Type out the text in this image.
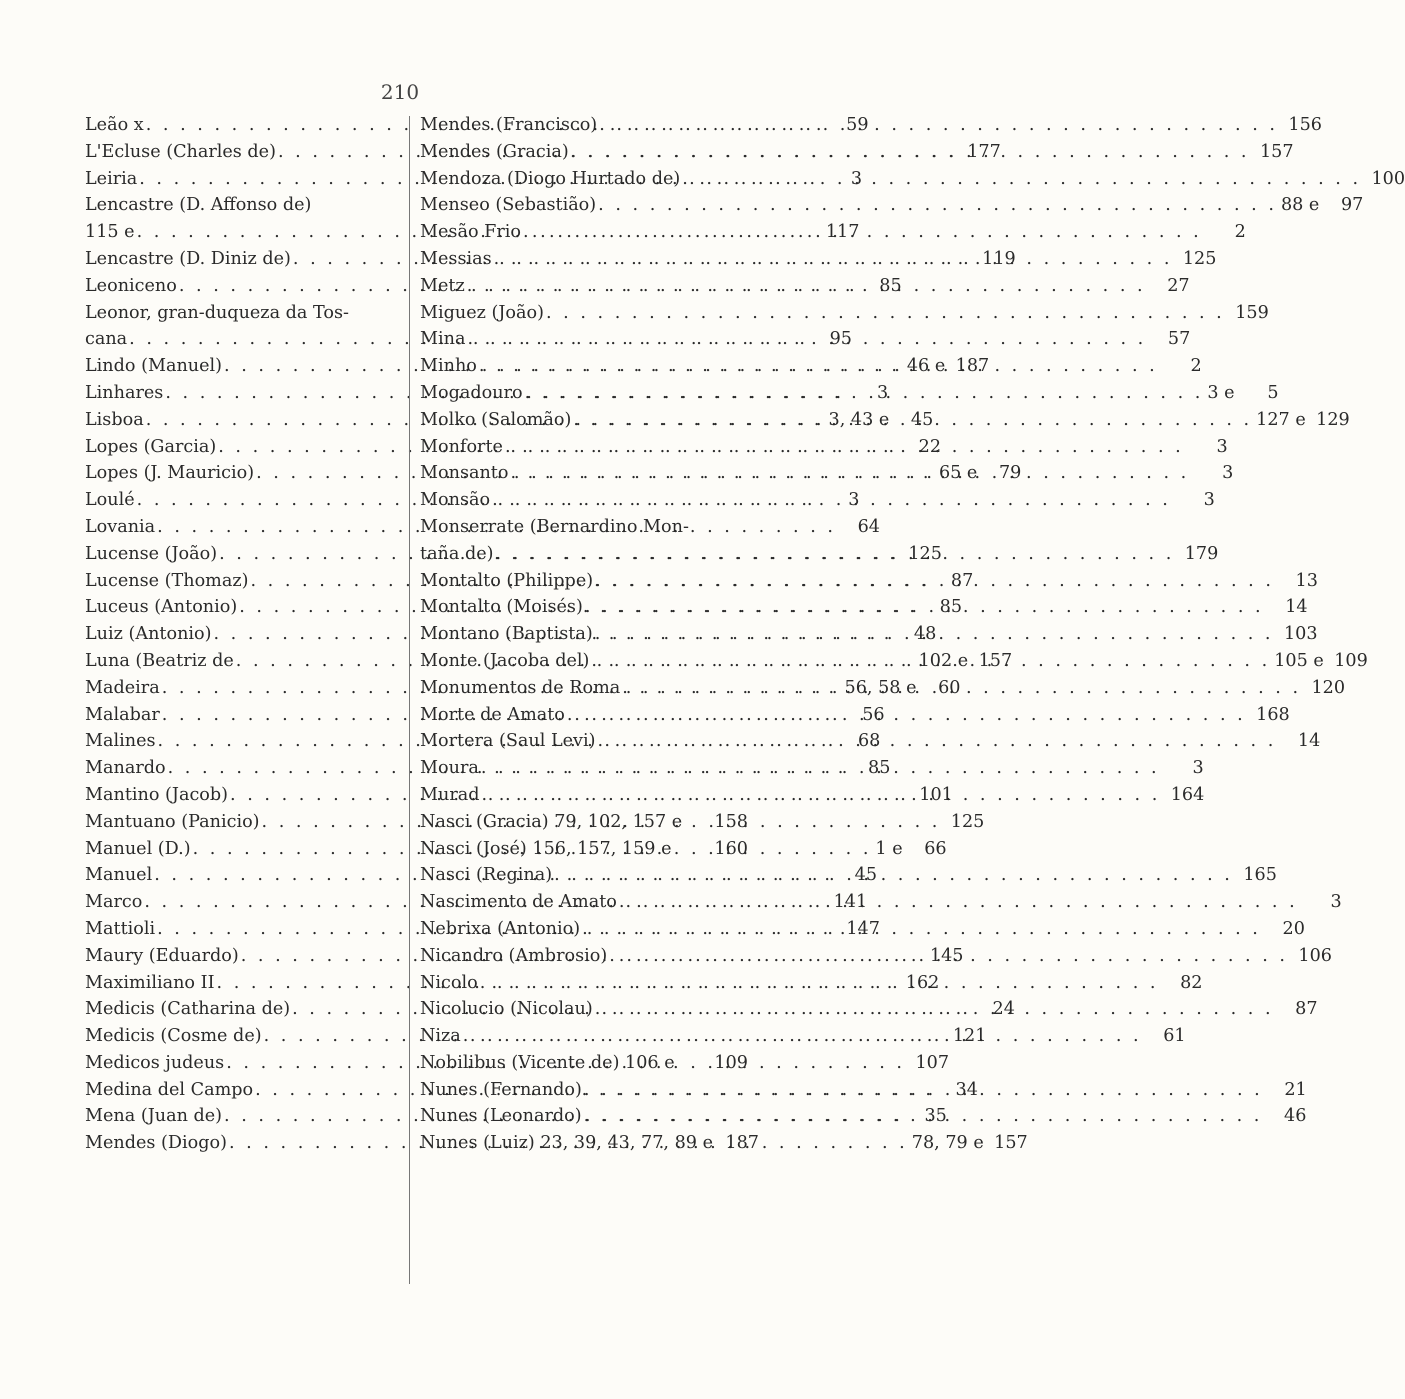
210
Leão x . . .	59
L'Ecluse (Charles de) . . .	177
Leiria . . .	3
Lencastre (D. Affonso de)
115 e . . .	117
Lencastre (D. Diniz de) . . .	119
Leoniceno . . .	85
Leonor, gran-duqueza da Tos-
cana . . .	95
Lindo (Manuel) . . .	46 e 187
Linhares . . .	3
Lisboa . . .	3, 43 e	45
Lopes (Garcia) . . .	22
Lopes (J. Mauricio) . . .	65 e	79
Loulé . . .	3
Lovania . . .	64
Lucense (João) . . .	125
Lucense (Thomaz) . . .	87
Luceus (Antonio) . . .	85
Luiz (Antonio) . . .	48
Luna (Beatriz de . . .	102 e 157
Madeira . . .	56, 58 e	60
Malabar . . .	56
Malines . . .	68
Manardo . . .	85
Mantino (Jacob) . . .	101
Mantuano (Panicio) . . .	125
Manuel (D.) . . .	1 e	66
Manuel . . .	45
Marco . . .	141
Mattioli . . .	147
Maury (Eduardo) . . .	145
Maximiliano II . . .	162
Medicis (Catharina de) . . .	24
Medicis (Cosme de) . . .	121
Medicos judeus . . .	107
Medina del Campo . . .	34
Mena (Juan de) . . .	35
Mendes (Diogo) . . .	78, 79 e 157
Mendes (Francisco) . . .	156
Mendes (Gracia) . . .	157
Mendoza (Diogo Hurtado de) . . .	100
Menseo (Sebastião) . . .	88 e	97
Mesão Frio . . .	2
Messias . . .	125
Metz . . .	27
Miguez (João) . . .	159
Mina . . .	57
Minho . . .	2
Mogadouro . . .	3 e	5
Molko (Salomão) . . .	127 e 129
Monforte . . .	3
Monsanto . . .	3
Monsão . . .	3
Monserrate (Bernardino Mon-
taña de) . . .	179
Montalto (Philippe) . . .	13
Montalto (Moisés) . . .	14
Montano (Baptista) . . .	103
Monte (Jacoba del) . . .	105 e 109
Monumentos de Roma . . .	120
Morte de Amato . . .	168
Mortera (Saul Levi) . . .	14
Moura . . .	3
Murad . . .	164
Nasci (Gracia) 79, 102, 157 e	158
Nasci (José) 156, 157, 159 e	160
Nasci (Regina) . . .	165
Nascimento de Amato . . .	3
Nebrixa (Antonio) . . .	20
Nicandro (Ambrosio) . . .	106
Nicolo . . .	82
Nicolucio (Nicolau) . . .	87
Niza . . .	61
Nobilibus (Vicente de) 106 e	109
Nunes (Fernando) . . .	21
Nunes (Leonardo) . . .	46
Nunes (Luiz) 23, 39, 43, 77, 89 e 187
